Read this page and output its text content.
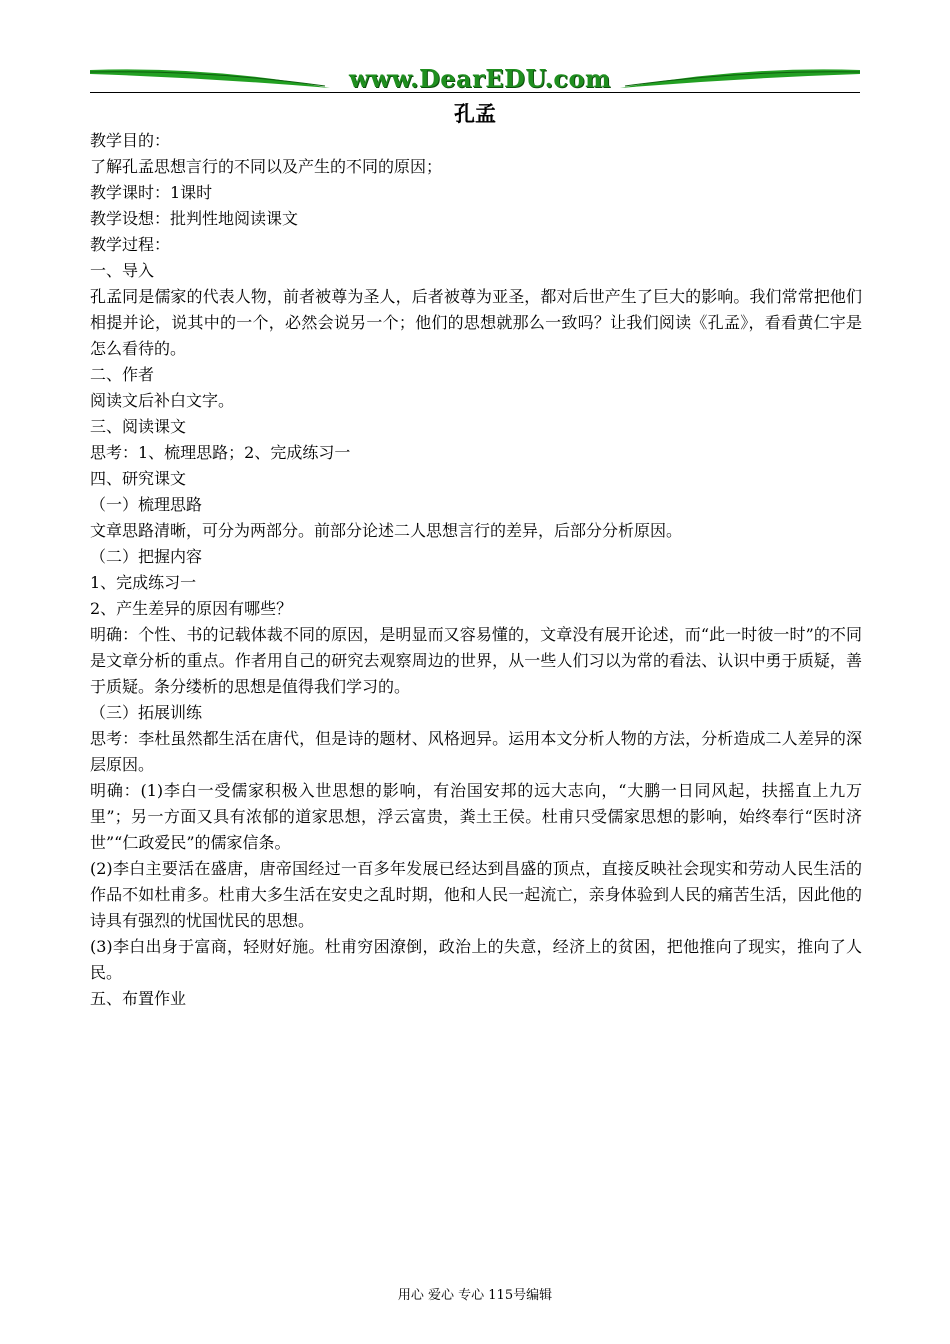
www.DearEDU.com
孔孟

教学目的：

了解孔孟思想言行的不同以及产生的不同的原因；

教学课时：1课时

教学设想：批判性地阅读课文

教学过程：

一、导入

孔孟同是儒家的代表人物，前者被尊为圣人，后者被尊为亚圣，都对后世产生了巨大的影响。我们常常把他们相提并论，说其中的一个，必然会说另一个；他们的思想就那么一致吗？让我们阅读《孔孟》，看看黄仁宇是怎么看待的。

二、作者

阅读文后补白文字。

三、阅读课文

思考：1、梳理思路；2、完成练习一

四、研究课文

（一）梳理思路

文章思路清晰，可分为两部分。前部分论述二人思想言行的差异，后部分分析原因。

（二）把握内容

1、完成练习一

2、产生差异的原因有哪些？

明确：个性、书的记载体裁不同的原因，是明显而又容易懂的，文章没有展开论述，而“此一时彼一时”的不同是文章分析的重点。作者用自己的研究去观察周边的世界，从一些人们习以为常的看法、认识中勇于质疑，善于质疑。条分缕析的思想是值得我们学习的。

（三）拓展训练

思考：李杜虽然都生活在唐代，但是诗的题材、风格迥异。运用本文分析人物的方法，分析造成二人差异的深层原因。

明确：(1)李白一受儒家积极入世思想的影响，有治国安邦的远大志向，“大鹏一日同风起，扶摇直上九万里”；另一方面又具有浓郁的道家思想，浮云富贵，粪土王侯。杜甫只受儒家思想的影响，始终奉行“医时济世”“仁政爱民”的儒家信条。

(2)李白主要活在盛唐，唐帝国经过一百多年发展已经达到昌盛的顶点，直接反映社会现实和劳动人民生活的作品不如杜甫多。杜甫大多生活在安史之乱时期，他和人民一起流亡，亲身体验到人民的痛苦生活，因此他的诗具有强烈的忧国忧民的思想。

(3)李白出身于富商，轻财好施。杜甫穷困潦倒，政治上的失意，经济上的贫困，把他推向了现实，推向了人民。

五、布置作业

用心 爱心 专心 115号编辑
